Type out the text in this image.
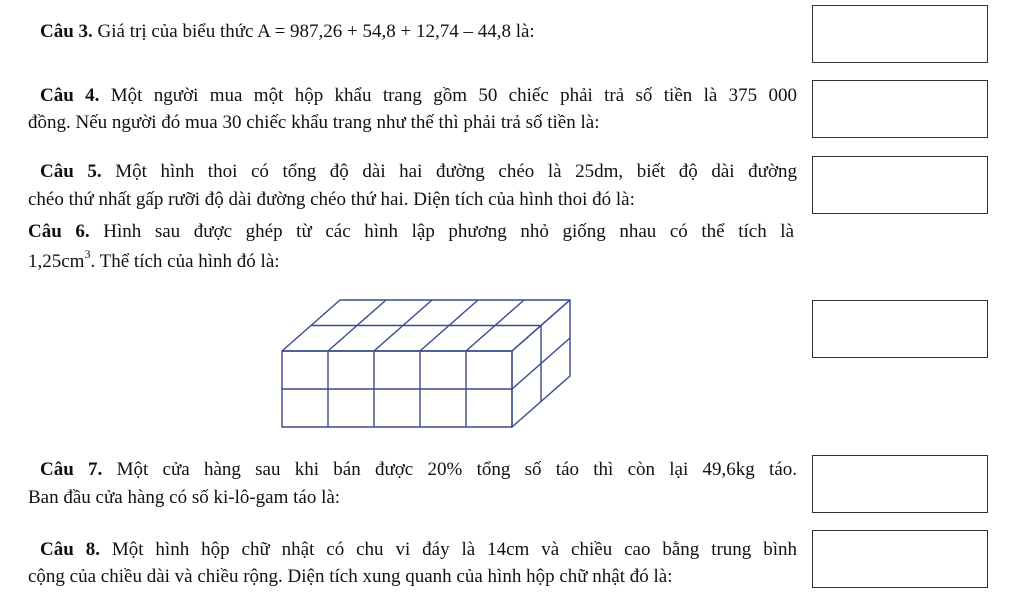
Câu 3. Giá trị của biểu thức A = 987,26 + 54,8 + 12,74 – 44,8 là:
Câu 4. Một người mua một hộp khẩu trang gồm 50 chiếc phải trả số tiền là 375 000
đồng. Nếu người đó mua 30 chiếc khẩu trang như thế thì phải trả số tiền là:
Câu 5. Một hình thoi có tổng độ dài hai đường chéo là 25dm, biết độ dài đường
chéo thứ nhất gấp rưỡi độ dài đường chéo thứ hai. Diện tích của hình thoi đó là:
Câu 6. Hình sau được ghép từ các hình lập phương nhỏ giống nhau có thể tích là
$1,25cm^3$. Thể tích của hình đó là:
Câu 7. Một cửa hàng sau khi bán được 20% tổng số táo thì còn lại 49,6kg táo.
Ban đầu cửa hàng có số ki-lô-gam táo là:
Câu 8. Một hình hộp chữ nhật có chu vi đáy là 14cm và chiều cao bằng trung bình
cộng của chiều dài và chiều rộng. Diện tích xung quanh của hình hộp chữ nhật đó là:
